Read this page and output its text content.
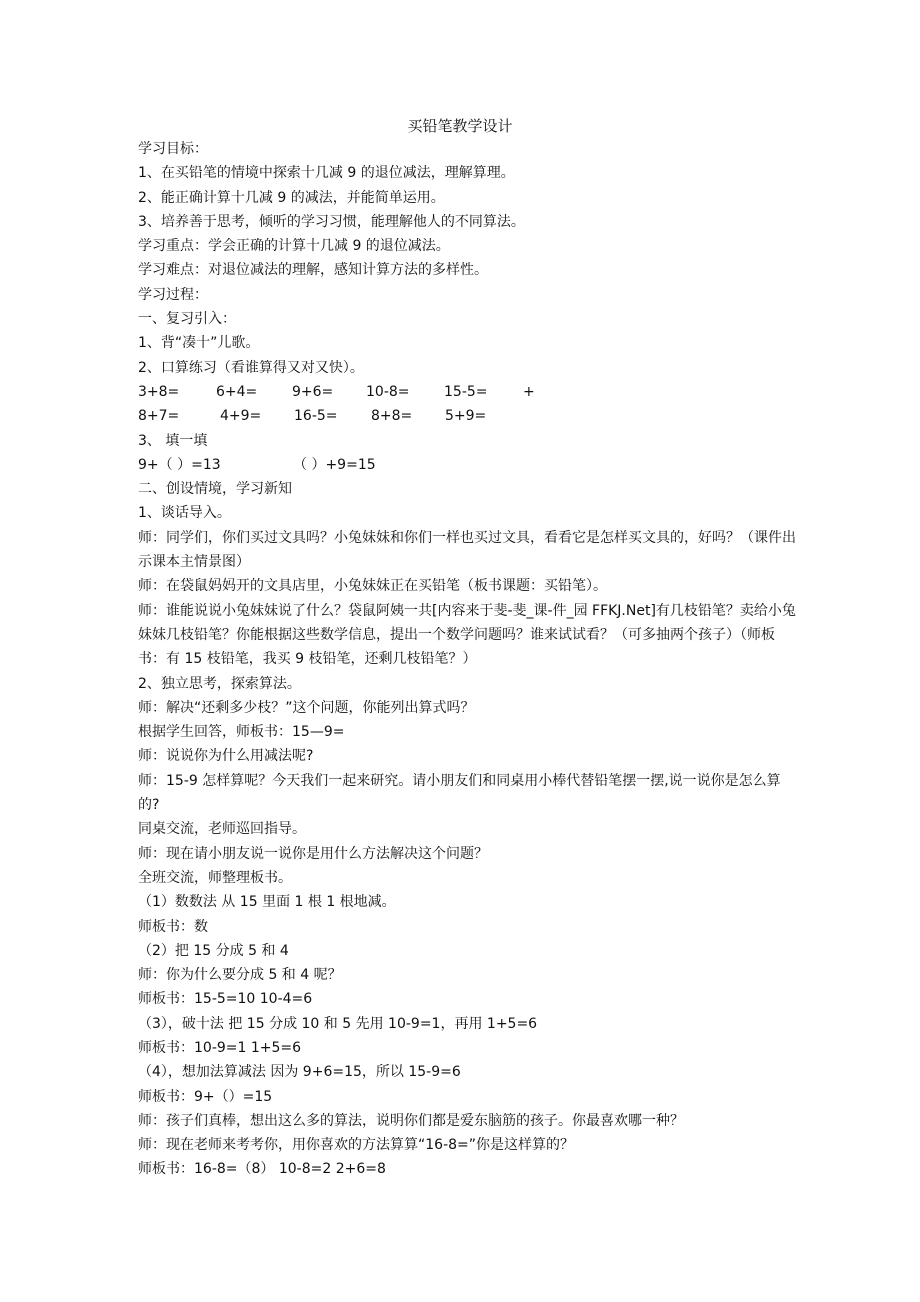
买铅笔教学设计

学习目标：

1、在买铅笔的情境中探索十几减 9 的退位减法，理解算理。

2、能正确计算十几减 9 的减法，并能简单运用。

3、培养善于思考，倾听的学习习惯，能理解他人的不同算法。

学习重点：学会正确的计算十几减 9 的退位减法。

学习难点：对退位减法的理解，感知计算方法的多样性。

学习过程：

一、复习引入：

1、背“凑十”儿歌。

2、口算练习（看谁算得又对又快）。

3+8=	6+4= 9+6= 10-8= 15-5=	+

8+7=	4+9= 16-5= 8+8= 5+9=

3、 填一填

9+（ ）=13	（ ）+9=15

二、创设情境，学习新知

1、谈话导入。

师：同学们，你们买过文具吗？小兔妹妹和你们一样也买过文具，看看它是怎样买文具的，好吗？（课件出示课本主情景图）

师：在袋鼠妈妈开的文具店里，小兔妹妹正在买铅笔（板书课题：买铅笔）。

师：谁能说说小兔妹妹说了什么？袋鼠阿姨一共[内容来于斐-斐_课-件_园 FFKJ.Net]有几枝铅笔？卖给小兔妹妹几枝铅笔？你能根据这些数学信息，提出一个数学问题吗？谁来试试看？（可多抽两个孩子）（师板书：有 15 枝铅笔，我买 9 枝铅笔，还剩几枝铅笔？）

2、独立思考，探索算法。

师：解决“还剩多少枝？”这个问题，你能列出算式吗？

根据学生回答，师板书：15—9=

师：说说你为什么用减法呢?

师：15-9 怎样算呢？今天我们一起来研究。请小朋友们和同桌用小棒代替铅笔摆一摆,说一说你是怎么算的?

同桌交流，老师巡回指导。

师：现在请小朋友说一说你是用什么方法解决这个问题？

全班交流，师整理板书。

（1）数数法 从 15 里面 1 根 1 根地减。

师板书：数

（2）把 15 分成 5 和 4

师：你为什么要分成 5 和 4 呢？

师板书：15-5=10 10-4=6

（3），破十法 把 15 分成 10 和 5 先用 10-9=1，再用 1+5=6

师板书：10-9=1 1+5=6

（4），想加法算减法 因为 9+6=15，所以 15-9=6

师板书：9+（）=15

师：孩子们真棒，想出这么多的算法，说明你们都是爱东脑筋的孩子。你最喜欢哪一种？

师：现在老师来考考你，用你喜欢的方法算算“16-8=”你是这样算的？

师板书：16-8=（8） 10-8=2 2+6=8
